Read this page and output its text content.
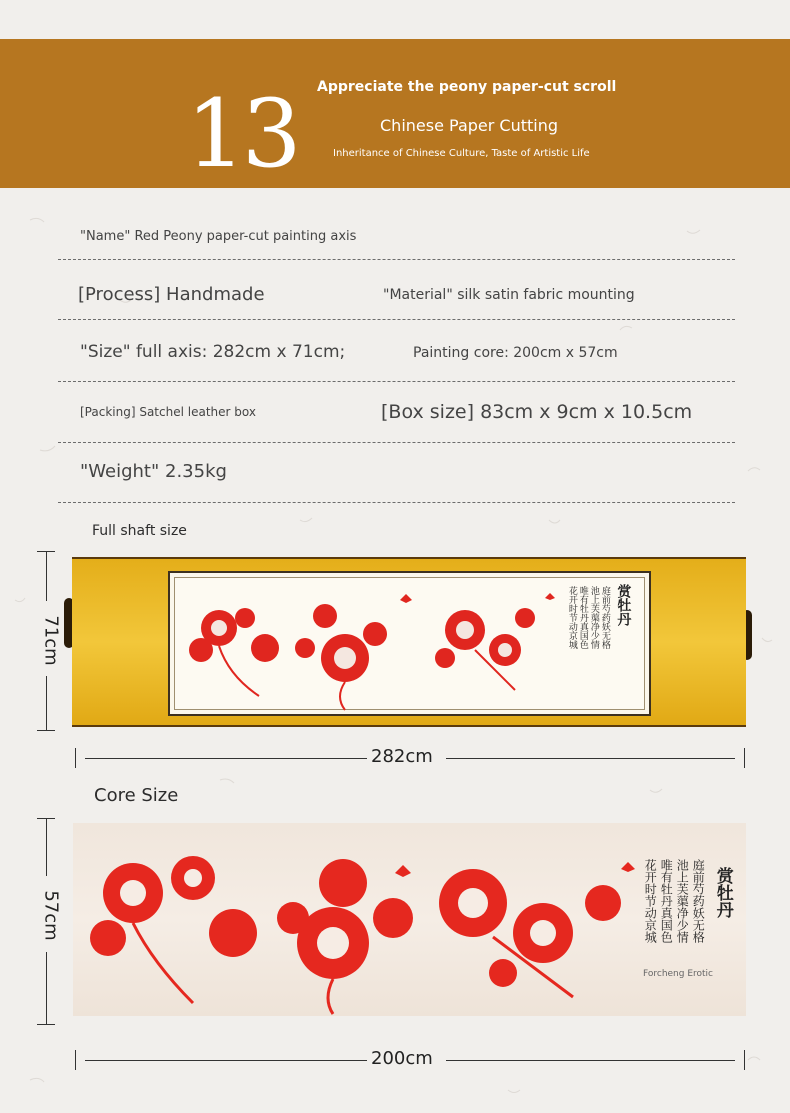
13 Appreciate the peony paper-cut scroll
Chinese Paper Cutting
Inheritance of Chinese Culture, Taste of Artistic Life
"Name" Red Peony paper-cut painting axis
[Process] Handmade	"Material" silk satin fabric mounting
"Size" full axis: 282cm x 71cm;	Painting core: 200cm x 57cm
[Packing] Satchel leather box	[Box size] 83cm x 9cm x 10.5cm
"Weight" 2.35kg
Full shaft size
71cm
赏牡丹
庭前芍药妖无格
池上芙蕖净少情
唯有牡丹真国色
花开时节动京城
282cm
Core Size
57cm	赏牡丹
庭前芍药妖无格
池上芙蕖净少情
唯有牡丹真国色
花开时节动京城
Forcheng Erotic
200cm
